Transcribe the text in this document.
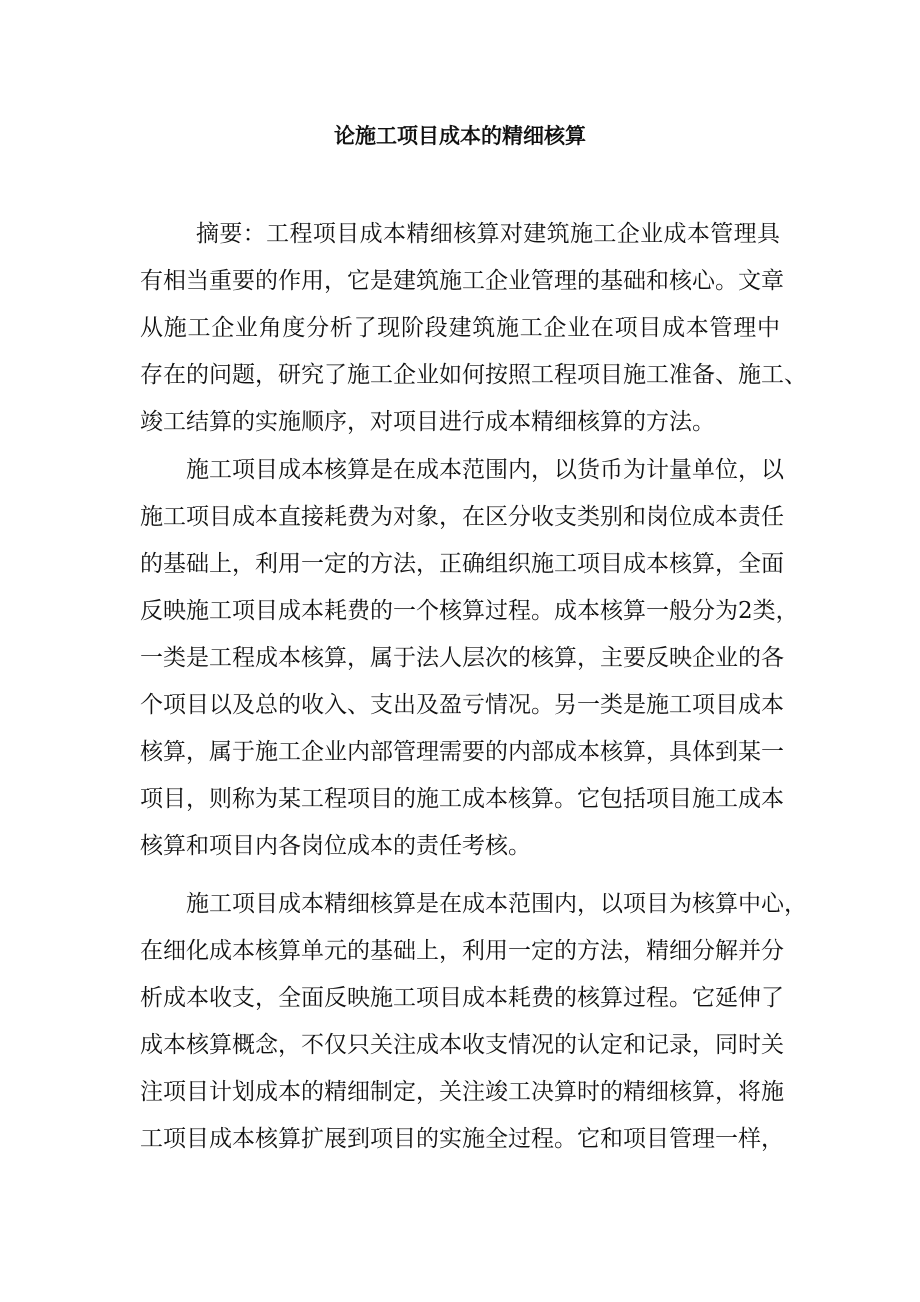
论施工项目成本的精细核算
摘要：工程项目成本精细核算对建筑施工企业成本管理具
有相当重要的作用，它是建筑施工企业管理的基础和核心。文章
从施工企业角度分析了现阶段建筑施工企业在项目成本管理中
存在的问题，研究了施工企业如何按照工程项目施工准备、施工、
竣工结算的实施顺序，对项目进行成本精细核算的方法。
施工项目成本核算是在成本范围内，以货币为计量单位，以
施工项目成本直接耗费为对象，在区分收支类别和岗位成本责任
的基础上，利用一定的方法，正确组织施工项目成本核算，全面
反映施工项目成本耗费的一个核算过程。成本核算一般分为2类，
一类是工程成本核算，属于法人层次的核算，主要反映企业的各
个项目以及总的收入、支出及盈亏情况。另一类是施工项目成本
核算，属于施工企业内部管理需要的内部成本核算，具体到某一
项目，则称为某工程项目的施工成本核算。它包括项目施工成本
核算和项目内各岗位成本的责任考核。
施工项目成本精细核算是在成本范围内，以项目为核算中心，
在细化成本核算单元的基础上，利用一定的方法，精细分解并分
析成本收支，全面反映施工项目成本耗费的核算过程。它延伸了
成本核算概念，不仅只关注成本收支情况的认定和记录，同时关
注项目计划成本的精细制定，关注竣工决算时的精细核算，将施
工项目成本核算扩展到项目的实施全过程。它和项目管理一样，
